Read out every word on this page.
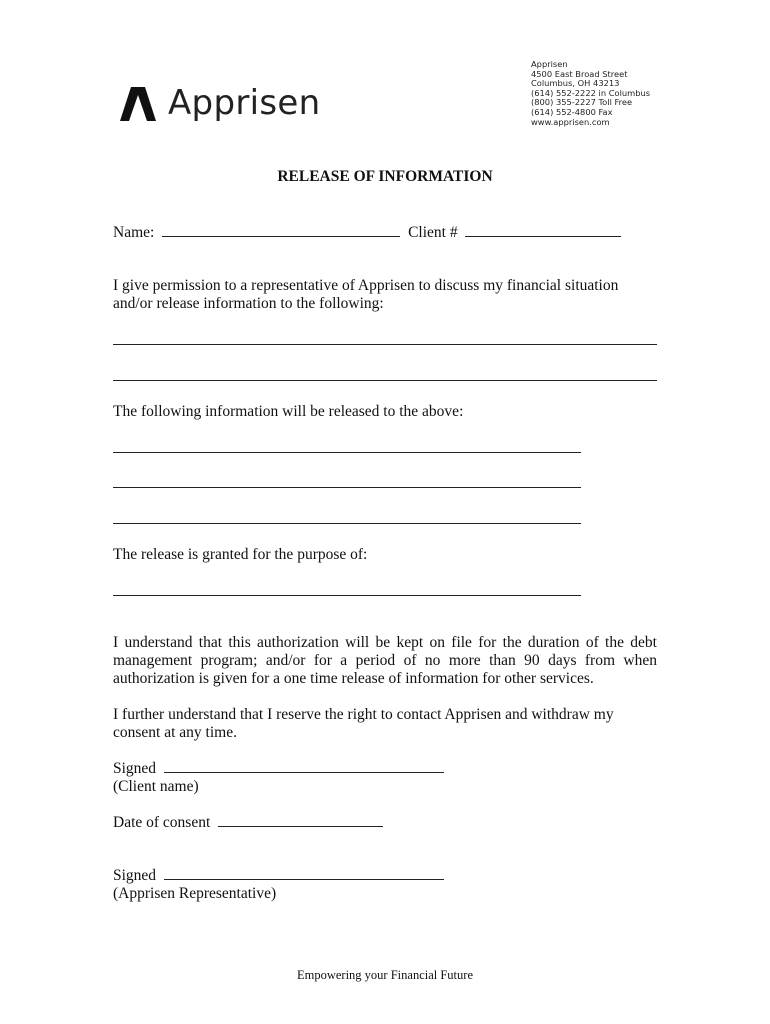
Apprisen
Apprisen
4500 East Broad Street
Columbus, OH 43213
(614) 552-2222 in Columbus
(800) 355-2227 Toll Free
(614) 552-4800 Fax
www.apprisen.com
RELEASE OF INFORMATION
Name:	Client #
I give permission to a representative of Apprisen to discuss my financial situation and/or release information to the following:
The following information will be released to the above:
The release is granted for the purpose of:
I understand that this authorization will be kept on file for the duration of the debt management program; and/or for a period of no more than 90 days from when authorization is given for a one time release of information for other services.
I further understand that I reserve the right to contact Apprisen and withdraw my consent at any time.
Signed
(Client name)
Date of consent
Signed
(Apprisen Representative)
Empowering your Financial Future
